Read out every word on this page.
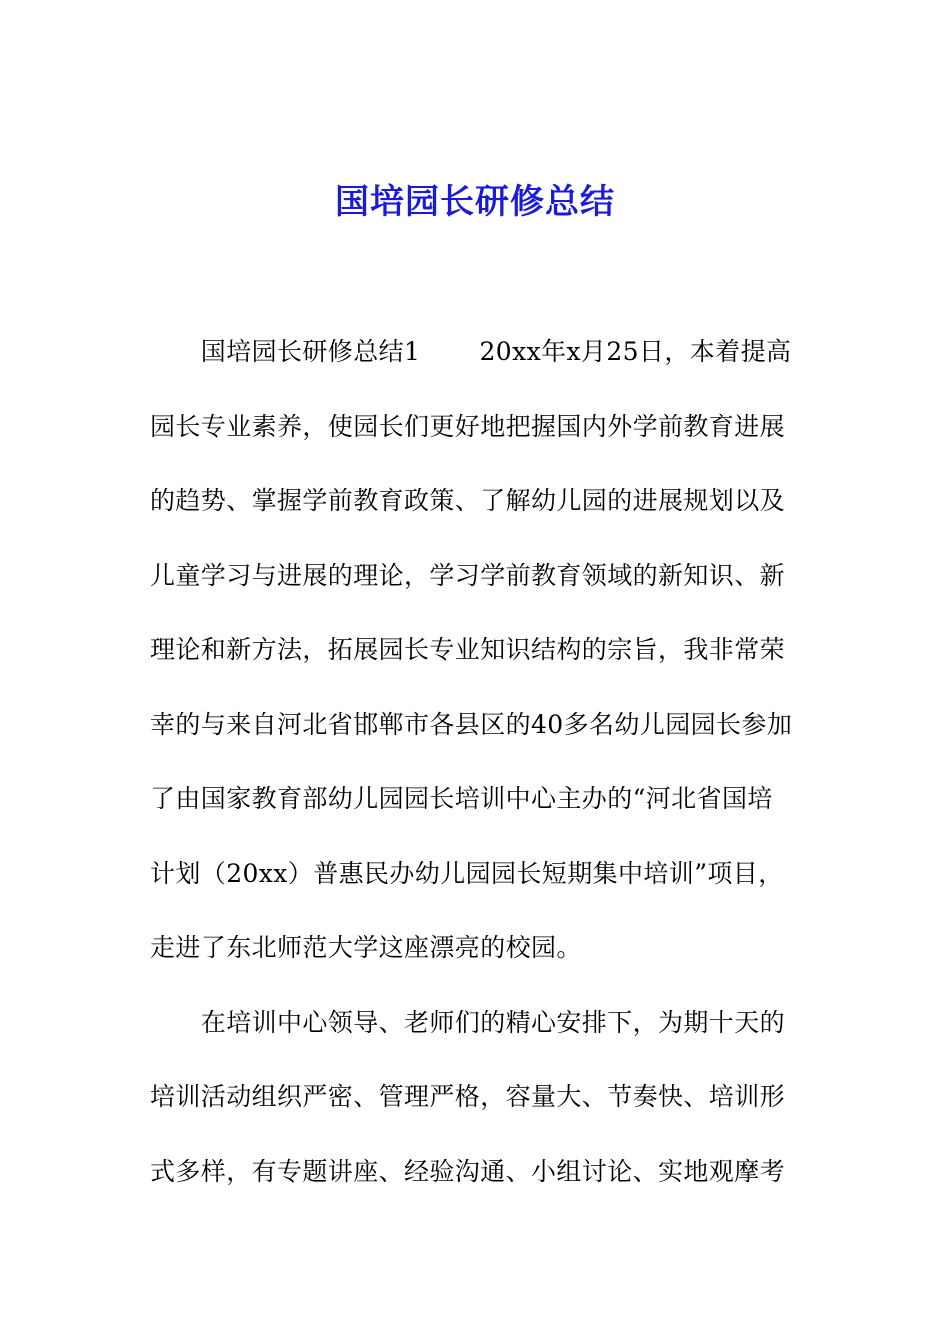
国培园长研修总结
　　国培园长研修总结1　　 20xx年x月25日，本着提高
园长专业素养，使园长们更好地把握国内外学前教育进展
的趋势、掌握学前教育政策、了解幼儿园的进展规划以及
儿童学习与进展的理论，学习学前教育领域的新知识、新
理论和新方法，拓展园长专业知识结构的宗旨，我非常荣
幸的与来自河北省邯郸市各县区的40多名幼儿园园长参加
了由国家教育部幼儿园园长培训中心主办的“河北省国培
计划（20xx）普惠民办幼儿园园长短期集中培训”项目，
走进了东北师范大学这座漂亮的校园。
　　在培训中心领导、老师们的精心安排下，为期十天的
培训活动组织严密、管理严格，容量大、节奏快、培训形
式多样，有专题讲座、经验沟通、小组讨论、实地观摩考
